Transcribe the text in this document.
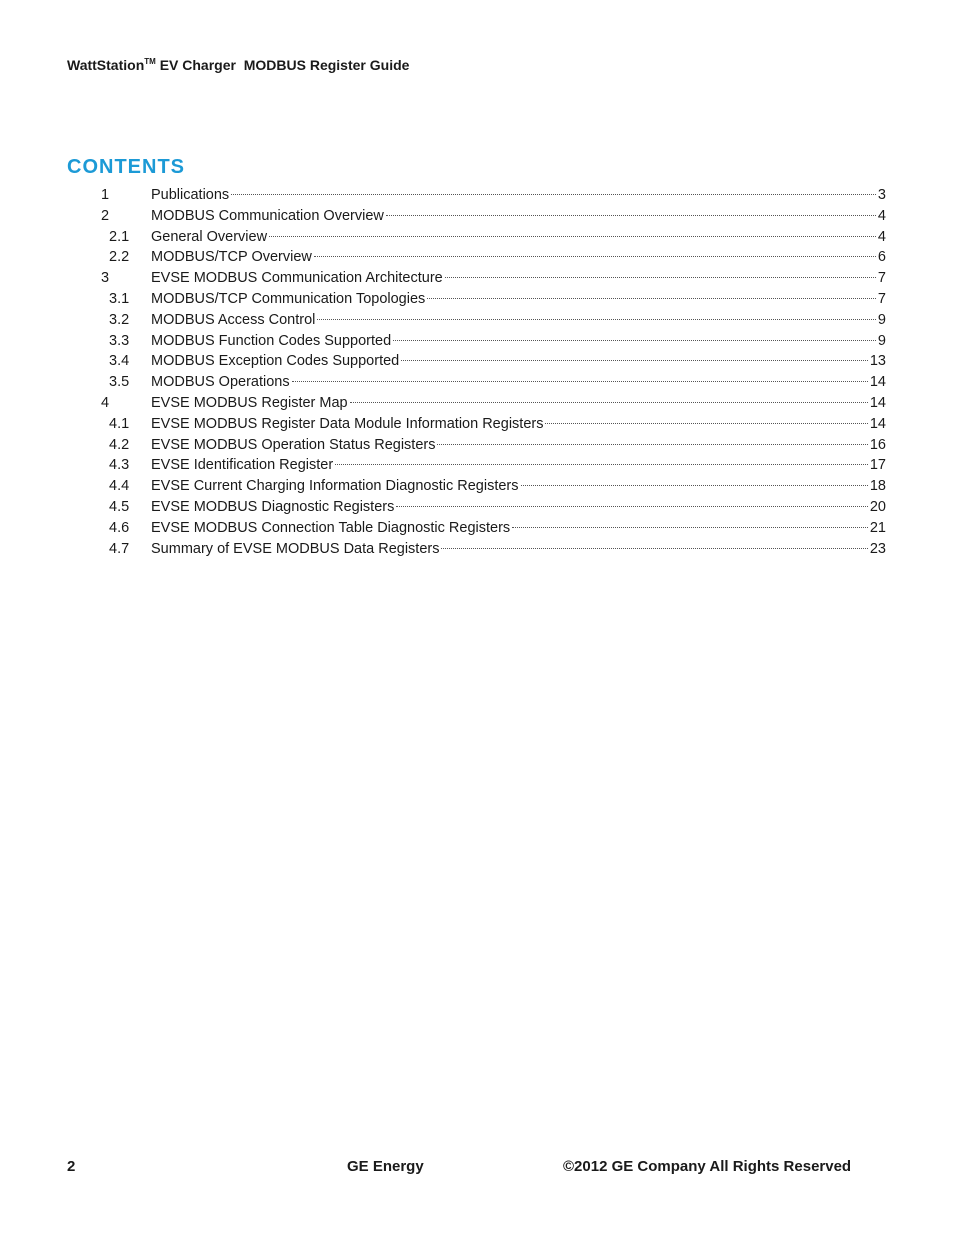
WattStation™ EV Charger  MODBUS Register Guide
CONTENTS
1	Publications	3
2	MODBUS Communication Overview	4
2.1	General Overview	4
2.2	MODBUS/TCP Overview	6
3	EVSE MODBUS Communication Architecture	7
3.1	MODBUS/TCP Communication Topologies	7
3.2	MODBUS Access Control	9
3.3	MODBUS Function Codes Supported	9
3.4	MODBUS Exception Codes Supported	13
3.5	MODBUS Operations	14
4	EVSE MODBUS Register Map	14
4.1	EVSE MODBUS Register Data Module Information Registers	14
4.2	EVSE MODBUS Operation Status Registers	16
4.3	EVSE Identification Register	17
4.4	EVSE Current Charging Information Diagnostic Registers	18
4.5	EVSE MODBUS Diagnostic Registers	20
4.6	EVSE MODBUS Connection Table Diagnostic Registers	21
4.7	Summary of EVSE MODBUS Data Registers	23
2	GE Energy	©2012 GE Company All Rights Reserved
